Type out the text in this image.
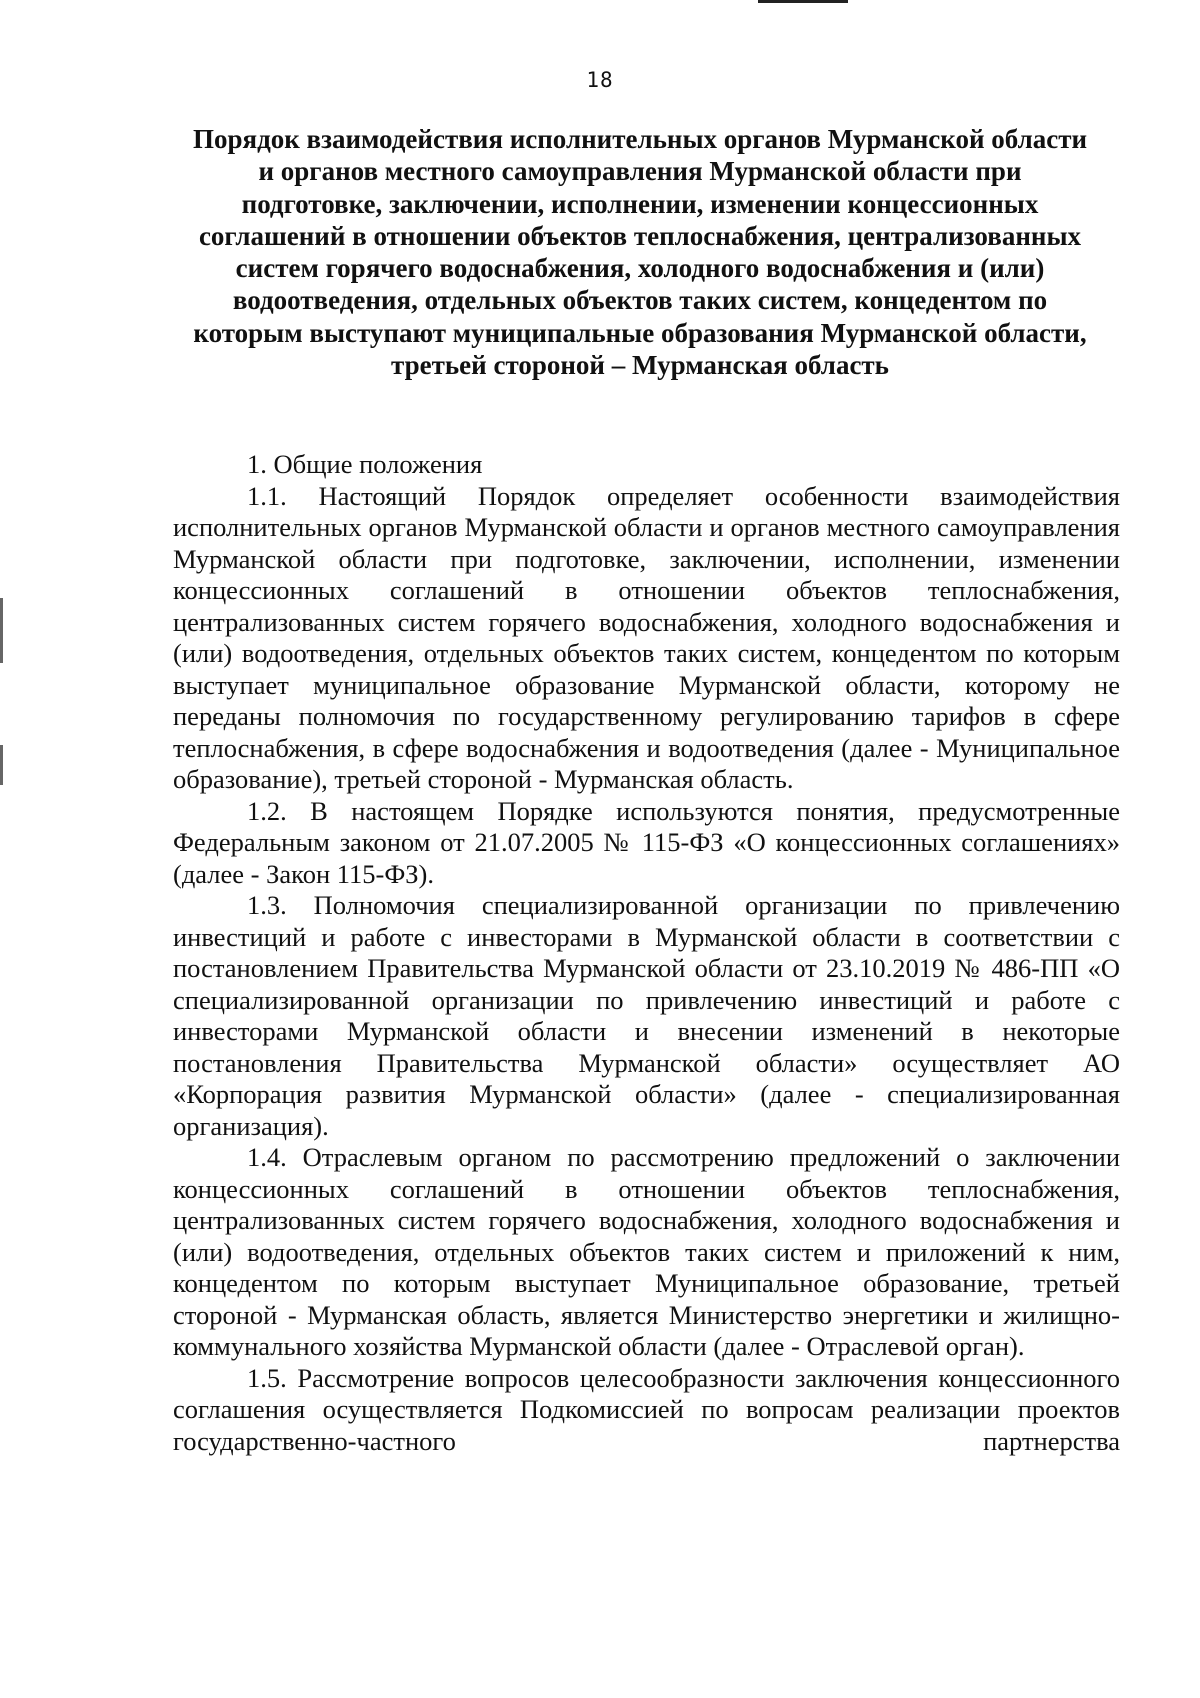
18
Порядок взаимодействия исполнительных органов Мурманской области
и органов местного самоуправления Мурманской области при
подготовке, заключении, исполнении, изменении концессионных
соглашений в отношении объектов теплоснабжения, централизованных
систем горячего водоснабжения, холодного водоснабжения и (или)
водоотведения, отдельных объектов таких систем, концедентом по
которым выступают муниципальные образования Мурманской области,
третьей стороной – Мурманская область
1. Общие положения

1.1. Настоящий Порядок определяет особенности взаимодействия исполнительных органов Мурманской области и органов местного самоуправления Мурманской области при подготовке, заключении, исполнении, изменении концессионных соглашений в отношении объектов теплоснабжения, централизованных систем горячего водоснабжения, холодного водоснабжения и (или) водоотведения, отдельных объектов таких систем, концедентом по которым выступает муниципальное образование Мурманской области, которому не переданы полномочия по государственному регулированию тарифов в сфере теплоснабжения, в сфере водоснабжения и водоотведения (далее - Муниципальное образование), третьей стороной - Мурманская область.

1.2. В настоящем Порядке используются понятия, предусмотренные Федеральным законом от 21.07.2005 № 115-ФЗ «О концессионных соглашениях» (далее - Закон 115-ФЗ).

1.3. Полномочия специализированной организации по привлечению инвестиций и работе с инвесторами в Мурманской области в соответствии с постановлением Правительства Мурманской области от 23.10.2019 № 486-ПП «О специализированной организации по привлечению инвестиций и работе с инвесторами Мурманской области и внесении изменений в некоторые постановления Правительства Мурманской области» осуществляет АО «Корпорация развития Мурманской области» (далее - специализированная организация).

1.4. Отраслевым органом по рассмотрению предложений о заключении концессионных соглашений в отношении объектов теплоснабжения, централизованных систем горячего водоснабжения, холодного водоснабжения и (или) водоотведения, отдельных объектов таких систем и приложений к ним, концедентом по которым выступает Муниципальное образование, третьей стороной - Мурманская область, является Министерство энергетики и жилищно-коммунального хозяйства Мурманской области (далее - Отраслевой орган).

1.5. Рассмотрение вопросов целесообразности заключения концессионного соглашения осуществляется Подкомиссией по вопросам реализации проектов государственно-частного партнерства
